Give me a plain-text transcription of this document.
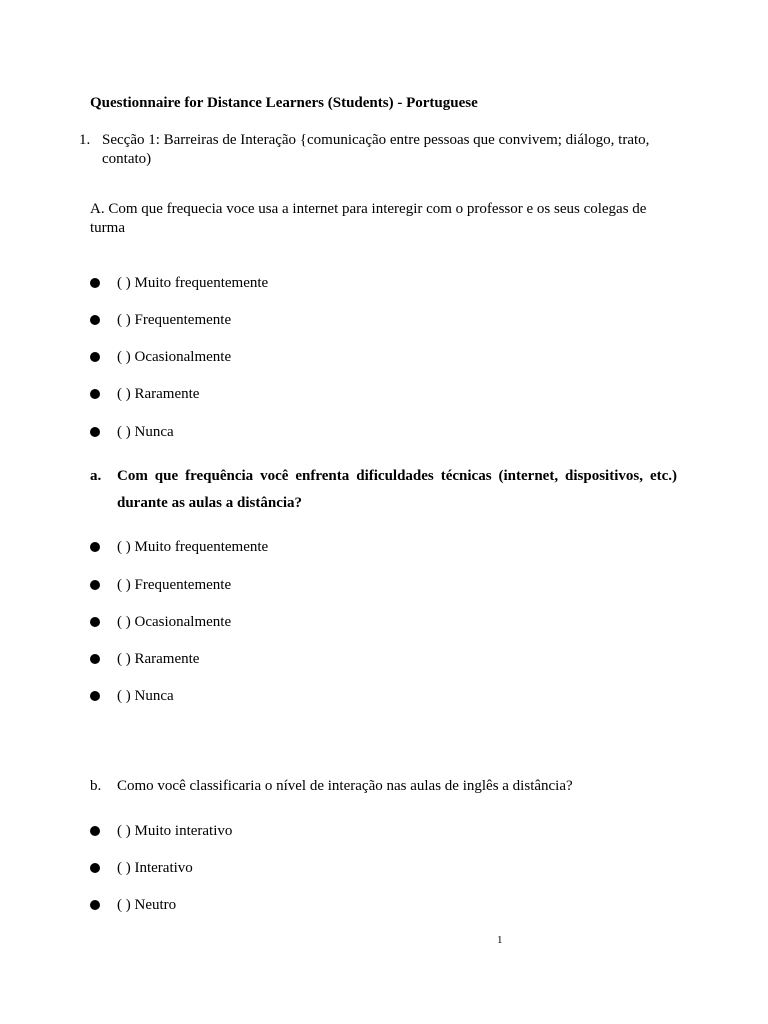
Questionnaire for Distance Learners (Students) - Portuguese
1. Secção 1: Barreiras de Interação {comunicação entre pessoas que convivem; diálogo, trato, contato)
A. Com que frequecia voce usa a internet para interegir com o professor e os seus colegas de turma
( ) Muito frequentemente
( ) Frequentemente
( ) Ocasionalmente
( ) Raramente
( ) Nunca
a. Com que frequência você enfrenta dificuldades técnicas (internet, dispositivos, etc.) durante as aulas a distância?
( ) Muito frequentemente
( ) Frequentemente
( ) Ocasionalmente
( ) Raramente
( ) Nunca
b. Como você classificaria o nível de interação nas aulas de inglês a distância?
( ) Muito interativo
( ) Interativo
( ) Neutro
1
